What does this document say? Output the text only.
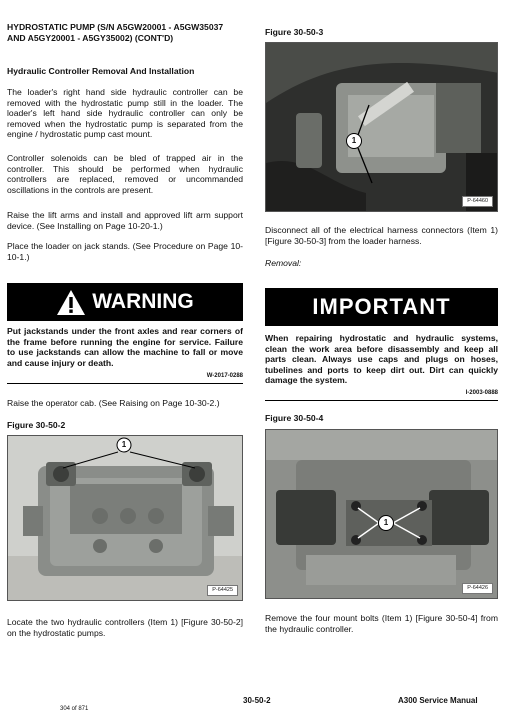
HYDROSTATIC PUMP (S/N A5GW20001 - A5GW35037 AND A5GY20001 - A5GY35002) (CONT'D)
Hydraulic Controller Removal And Installation
The loader's right hand side hydraulic controller can be removed with the hydrostatic pump still in the loader. The loader's left hand side hydraulic controller can only be removed when the hydrostatic pump is separated from the engine / hydrostatic pump cast mount.
Controller solenoids can be bled of trapped air in the controller. This should be performed when hydraulic controllers are replaced, removed or uncommanded oscillations in the controls are present.
Raise the lift arms and install and approved lift arm support device. (See Installing on Page 10-20-1.)
Place the loader on jack stands. (See Procedure on Page 10-10-1.)
WARNING
Put jackstands under the front axles and rear corners of the frame before running the engine for service. Failure to use jackstands can allow the machine to fall or move and cause injury or death.
W-2017-0288
Raise the operator cab. (See Raising on Page 10-30-2.)
Figure 30-50-2
1
P-64425
Locate the two hydraulic controllers (Item 1) [Figure 30-50-2] on the hydrostatic pumps.
Figure 30-50-3
1
P-64460
Disconnect all of the electrical harness connectors (Item 1) [Figure 30-50-3] from the loader harness.
Removal:
IMPORTANT
When repairing hydrostatic and hydraulic systems, clean the work area before disassembly and keep all parts clean. Always use caps and plugs on hoses, tubelines and ports to keep dirt out. Dirt can quickly damage the system.
I-2003-0888
Figure 30-50-4
1
P-64426
Remove the four mount bolts (Item 1) [Figure 30-50-4] from the hydraulic controller.
304 of 871
30-50-2	A300 Service Manual
